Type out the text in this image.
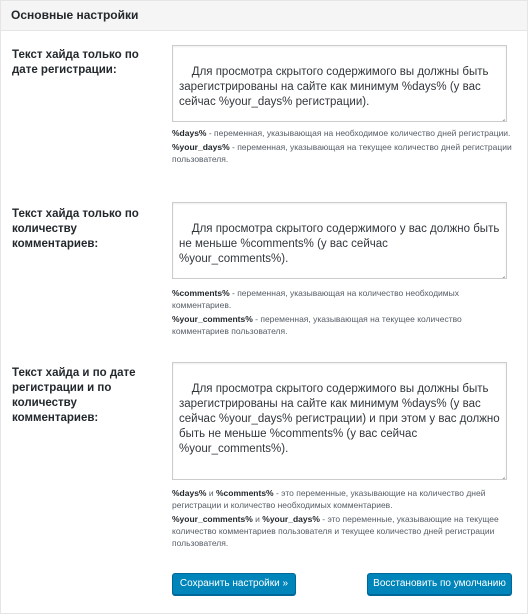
Основные настройки
Текст хайда только по дате регистрации:	Для просмотра скрытого содержимого вы должны быть зарегистрированы на сайте как минимум %days% (у вас сейчас %your_days% регистрации).

%days% - переменная, указывающая на необходимое количество дней регистрации.

%your_days% - переменная, указывающая на текущее количество дней регистрации пользователя.

Текст хайда только по количеству комментариев:

Для просмотра скрытого содержимого у вас должно быть не меньше %comments% (у вас сейчас %your_comments%).

%comments% - переменная, указывающая на количество необходимых комментариев.

%your_comments% - переменная, указывающая на текущее количество комментариев пользователя.

Текст хайда и по дате регистрации и по количеству комментариев:

Для просмотра скрытого содержимого вы должны быть зарегистрированы на сайте как минимум %days% (у вас сейчас %your_days% регистрации) и при этом у вас должно быть не меньше %comments% (у вас сейчас %your_comments%).

%days% и %comments% - это переменные, указывающие на количество дней регистрации и количество необходимых комментариев.

%your_comments% и %your_days% - это переменные, указывающие на текущее количество комментариев пользователя и текущее количество дней регистрации пользователя.

Сохранить настройки »	Восстановить по умолчанию
